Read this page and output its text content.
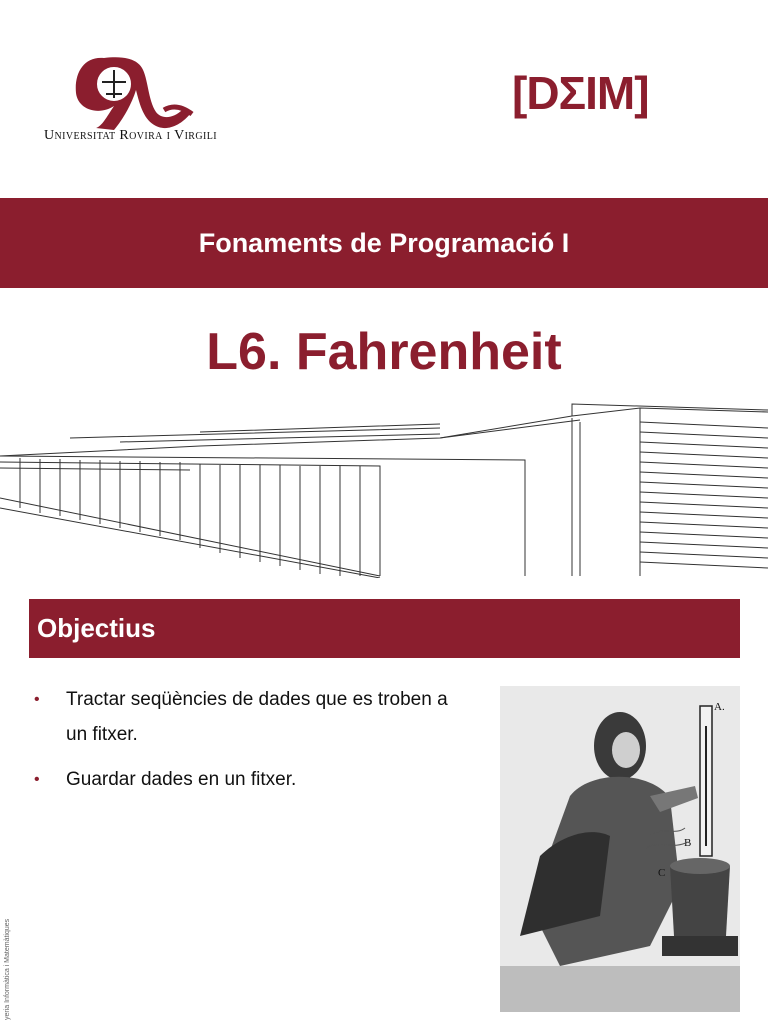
Universitat Rovira i Virgili
[DΣIM]
Fonaments de Programació I
L6. Fahrenheit
Objectius
• Tractar seqüències de dades que es troben a un fitxer.
• Guardar dades en un fitxer.
A.
B
C
yeria Informàtica i Matemàtiques
